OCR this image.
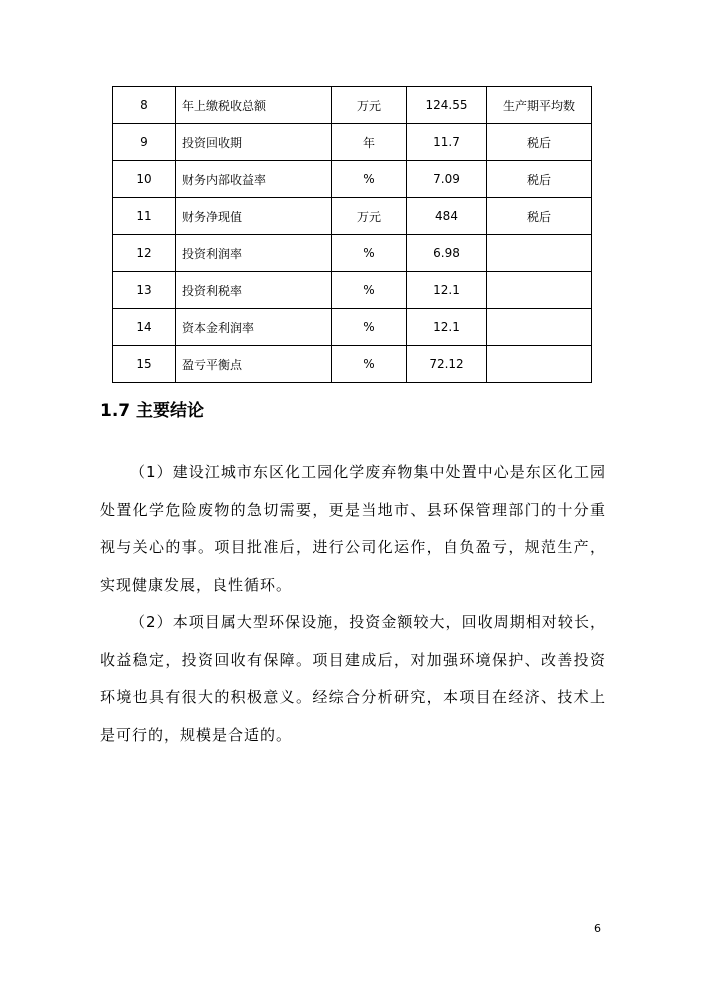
8	年上缴税收总额	万元	124.55	生产期平均数
9	投资回收期	年	11.7	税后
10	财务内部收益率	%	7.09	税后
11	财务净现值	万元	484	税后
12	投资利润率	%	6.98	
13	投资利税率	%	12.1	
14	资本金利润率	%	12.1	
15	盈亏平衡点	%	72.12	
1.7 主要结论

（1）建设江城市东区化工园化学废弃物集中处置中心是东区化工园处置化学危险废物的急切需要，更是当地市、县环保管理部门的十分重视与关心的事。项目批准后，进行公司化运作，自负盈亏，规范生产，实现健康发展，良性循环。

（2）本项目属大型环保设施，投资金额较大，回收周期相对较长，收益稳定，投资回收有保障。项目建成后，对加强环境保护、改善投资环境也具有很大的积极意义。经综合分析研究，本项目在经济、技术上是可行的，规模是合适的。

6
